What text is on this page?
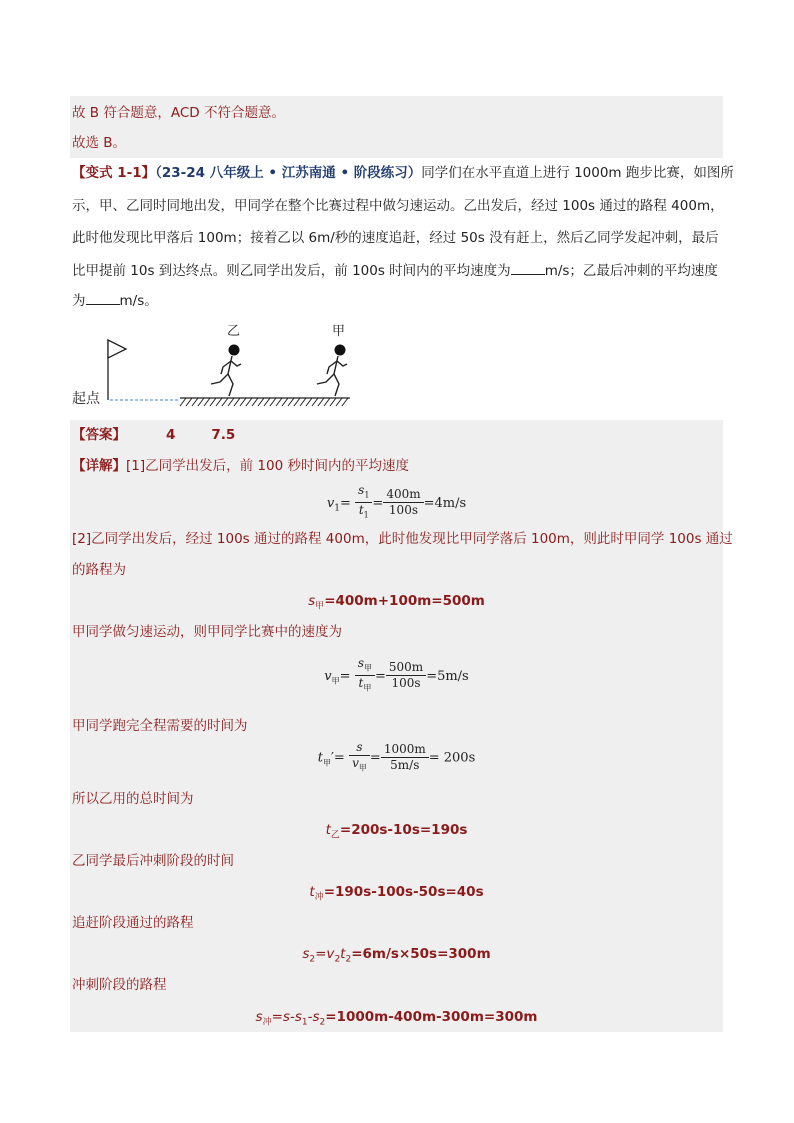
故 B 符合题意，ACD 不符合题意。
故选 B。
【变式 1-1】（23-24 八年级上 • 江苏南通 • 阶段练习）同学们在水平直道上进行 1000m 跑步比赛，如图所
示，甲、乙同时同地出发，甲同学在整个比赛过程中做匀速运动。乙出发后，经过 100s 通过的路程 400m，
此时他发现比甲落后 100m；接着乙以 6m/秒的速度追赶，经过 50s 没有赶上，然后乙同学发起冲刺，最后
比甲提前 10s 到达终点。则乙同学出发后，前 100s 时间内的平均速度为	m/s；乙最后冲刺的平均速度
为	m/s。
乙	甲
起点
【答案】	4	7.5
【详解】[1]乙同学出发后，前 100 秒时间内的平均速度
$v_1= \frac{s_1}{t_1} = \frac{400m}{100s} =4m/s$
[2]乙同学出发后，经过 100s 通过的路程 400m，此时他发现比甲同学落后 100m，则此时甲同学 100s 通过
的路程为
$s_甲=400m+100m=500m$
甲同学做匀速运动，则甲同学比赛中的速度为
$v_甲= \frac{s_甲}{t_甲} = \frac{500m}{100s} =5m/s$
甲同学跑完全程需要的时间为
$t_甲'= \frac{s}{v_甲} = \frac{1000m}{5m/s} = 200s$
所以乙用的总时间为
$t_乙=200s-10s=190s$
乙同学最后冲刺阶段的时间
$t_冲=190s-100s-50s=40s$
追赶阶段通过的路程
$s_2=v_2t_2=6m/s\times 50s=300m$
冲刺阶段的路程
$s_冲=s-s_1-s_2=1000m-400m-300m=300m$
